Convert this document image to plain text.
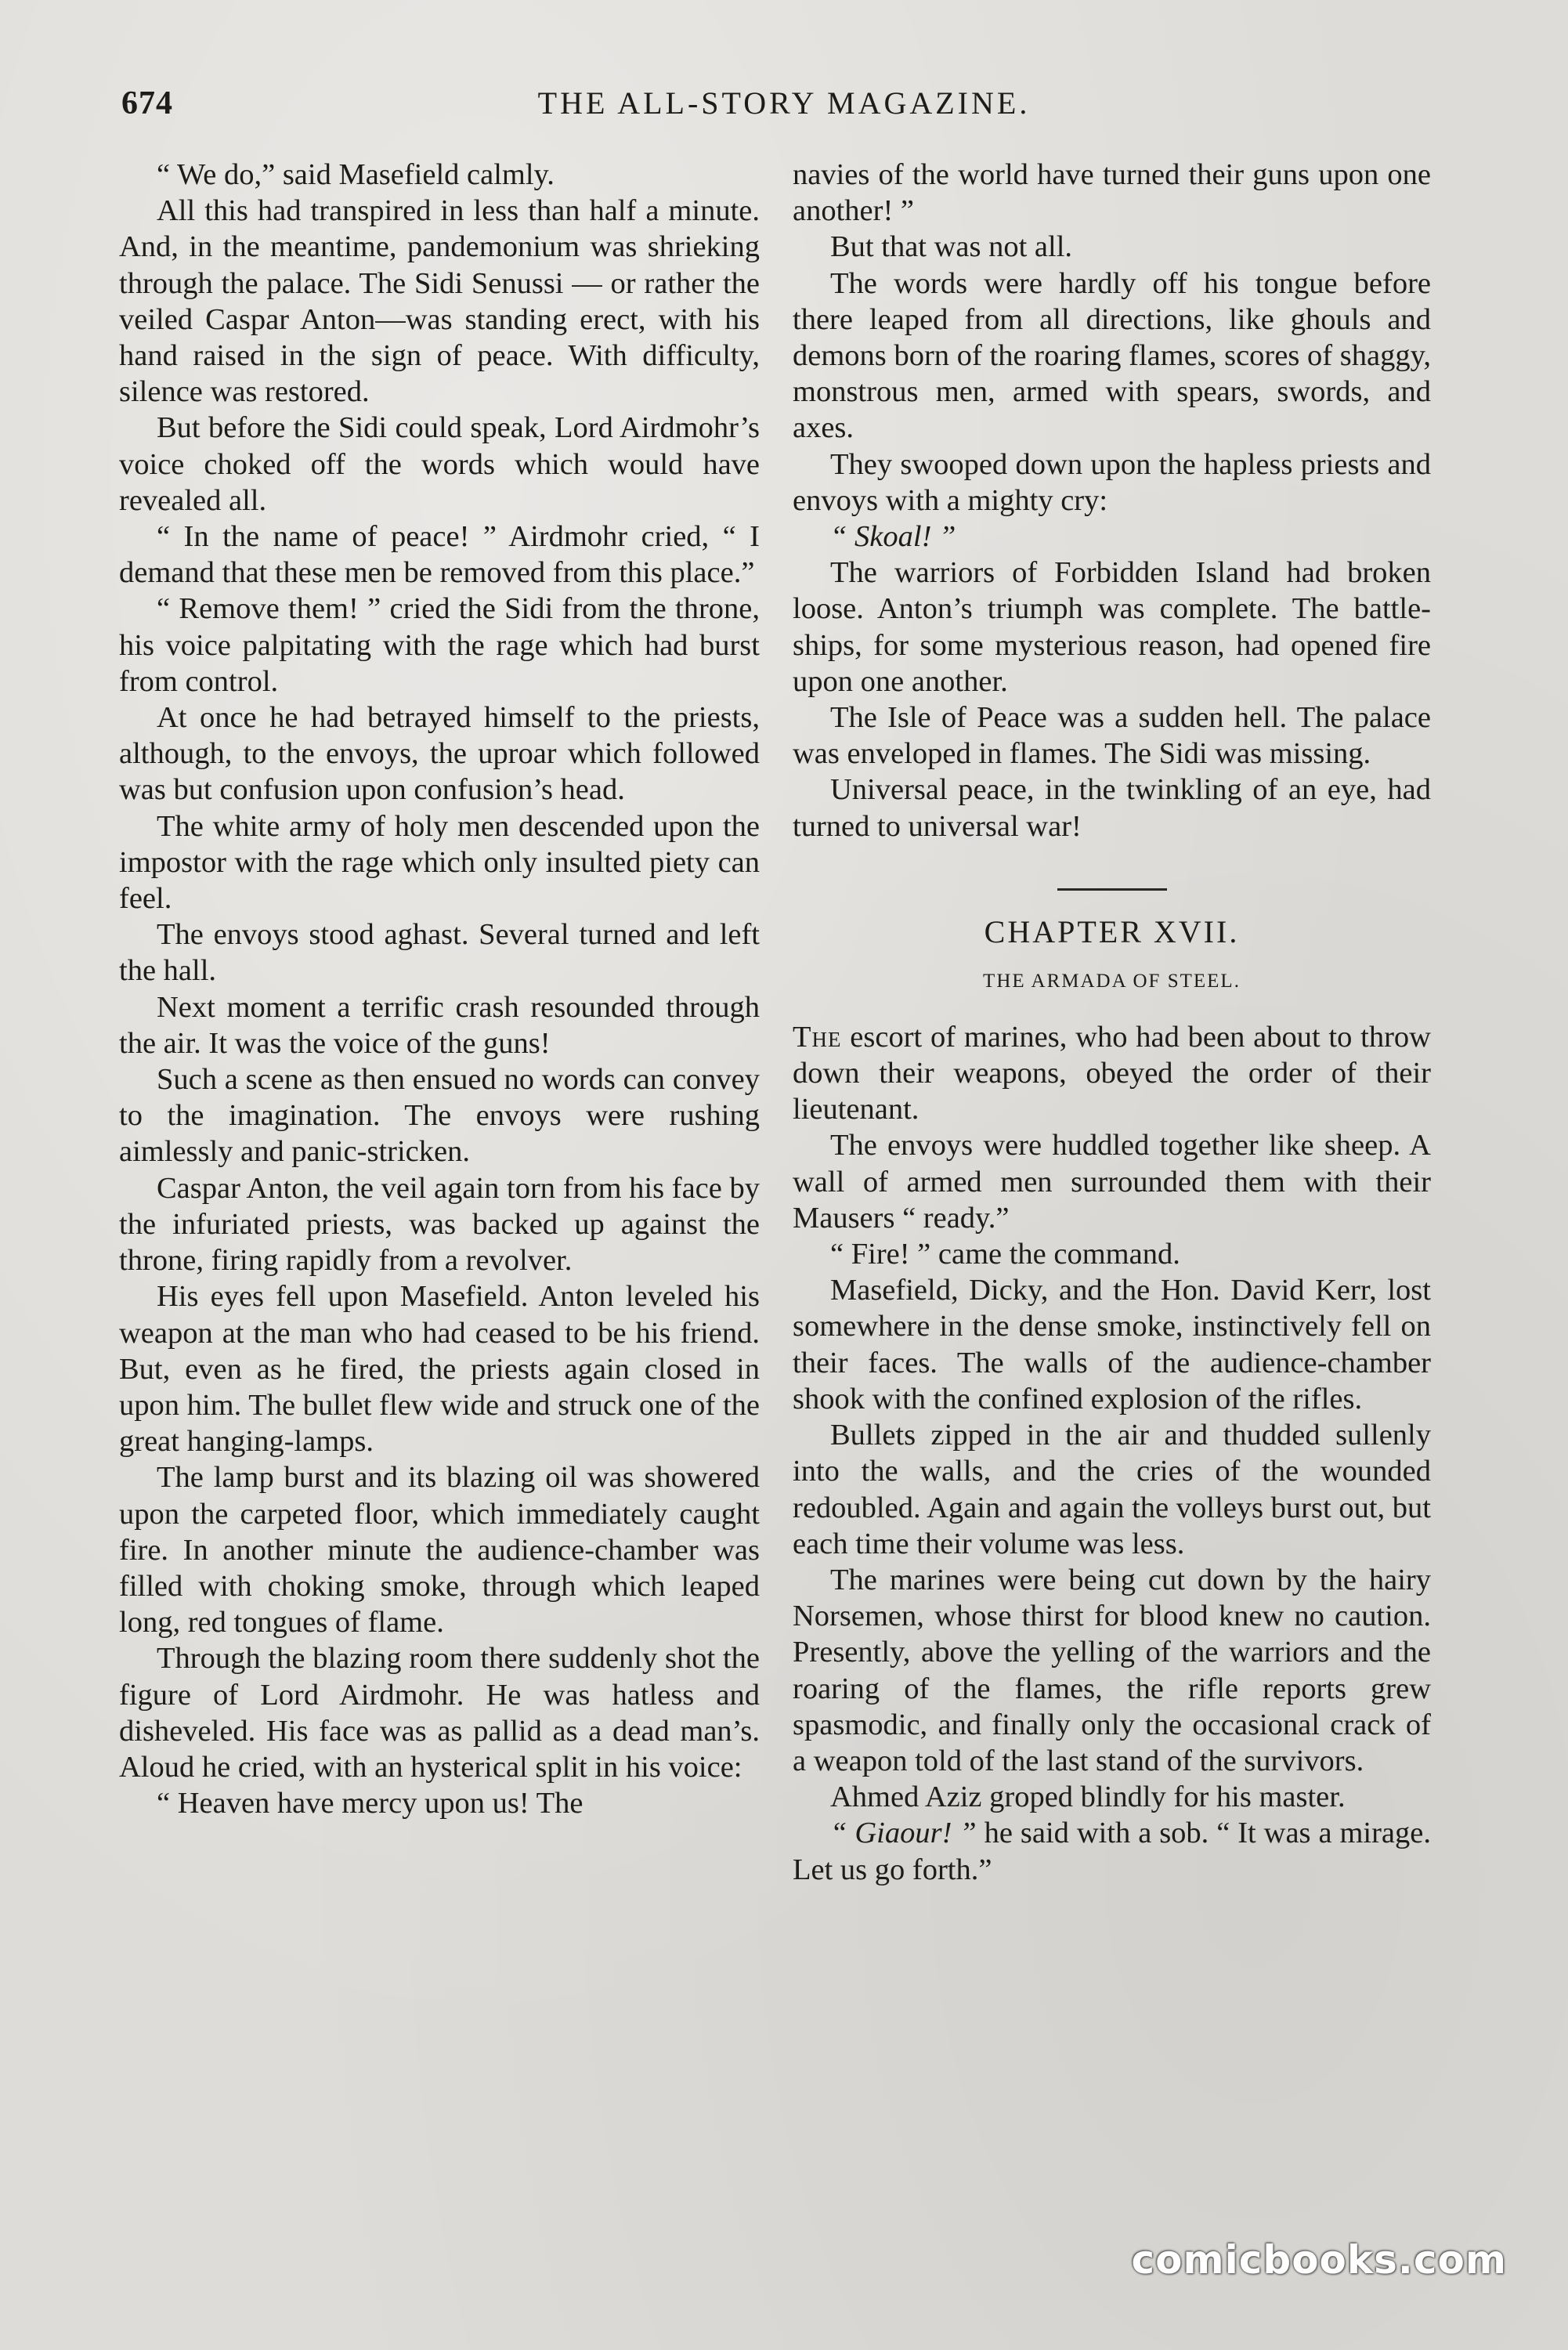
674	THE ALL-STORY MAGAZINE.

“ We do,” said Masefield calmly.

All this had transpired in less than half a minute. And, in the meantime, pandemonium was shrieking through the palace. The Sidi Senussi — or rather the veiled Caspar Anton—was standing erect, with his hand raised in the sign of peace. With difficulty, silence was restored.

But before the Sidi could speak, Lord Airdmohr’s voice choked off the words which would have revealed all.

“ In the name of peace! ” Airdmohr cried, “ I demand that these men be removed from this place.”

“ Remove them! ” cried the Sidi from the throne, his voice palpitating with the rage which had burst from control.

At once he had betrayed himself to the priests, although, to the envoys, the uproar which followed was but confusion upon confusion’s head.

The white army of holy men descended upon the impostor with the rage which only insulted piety can feel.

The envoys stood aghast. Several turned and left the hall.

Next moment a terrific crash resounded through the air. It was the voice of the guns!

Such a scene as then ensued no words can convey to the imagination. The envoys were rushing aimlessly and panic-stricken.

Caspar Anton, the veil again torn from his face by the infuriated priests, was backed up against the throne, firing rapidly from a revolver.

His eyes fell upon Masefield. Anton leveled his weapon at the man who had ceased to be his friend. But, even as he fired, the priests again closed in upon him. The bullet flew wide and struck one of the great hanging-lamps.

The lamp burst and its blazing oil was showered upon the carpeted floor, which immediately caught fire. In another minute the audience-chamber was filled with choking smoke, through which leaped long, red tongues of flame.

Through the blazing room there suddenly shot the figure of Lord Airdmohr. He was hatless and disheveled. His face was as pallid as a dead man’s. Aloud he cried, with an hysterical split in his voice:

“ Heaven have mercy upon us! The

navies of the world have turned their guns upon one another! ”

But that was not all.

The words were hardly off his tongue before there leaped from all directions, like ghouls and demons born of the roaring flames, scores of shaggy, monstrous men, armed with spears, swords, and axes.

They swooped down upon the hapless priests and envoys with a mighty cry:

“ Skoal! ”

The warriors of Forbidden Island had broken loose. Anton’s triumph was complete. The battle-ships, for some mysterious reason, had opened fire upon one another.

The Isle of Peace was a sudden hell. The palace was enveloped in flames. The Sidi was missing.

Universal peace, in the twinkling of an eye, had turned to universal war!

CHAPTER XVII.
THE ARMADA OF STEEL.

The escort of marines, who had been about to throw down their weapons, obeyed the order of their lieutenant.

The envoys were huddled together like sheep. A wall of armed men surrounded them with their Mausers “ ready.”

“ Fire! ” came the command.

Masefield, Dicky, and the Hon. David Kerr, lost somewhere in the dense smoke, instinctively fell on their faces. The walls of the audience-chamber shook with the confined explosion of the rifles.

Bullets zipped in the air and thudded sullenly into the walls, and the cries of the wounded redoubled. Again and again the volleys burst out, but each time their volume was less.

The marines were being cut down by the hairy Norsemen, whose thirst for blood knew no caution. Presently, above the yelling of the warriors and the roaring of the flames, the rifle reports grew spasmodic, and finally only the occasional crack of a weapon told of the last stand of the survivors.

Ahmed Aziz groped blindly for his master.

“ Giaour! ” he said with a sob. “ It was a mirage. Let us go forth.”

comicbooks.com
